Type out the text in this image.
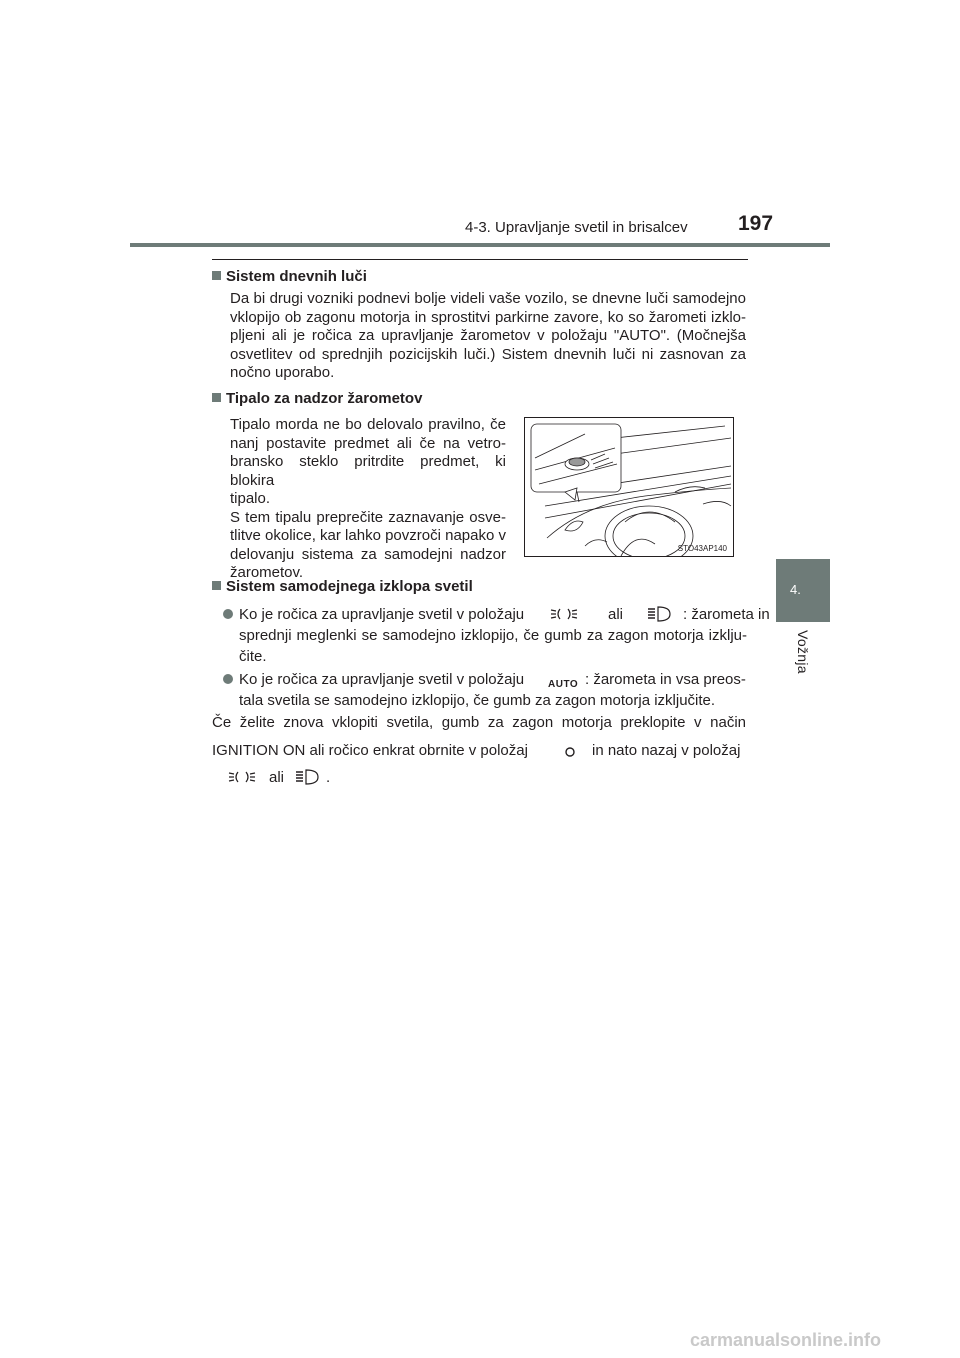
4-3. Upravljanje svetil in brisalcev 197
4.
Vožnja
Sistem dnevnih luči
Da bi drugi vozniki podnevi bolje videli vaše vozilo, se dnevne luči samodejno
vklopijo ob zagonu motorja in sprostitvi parkirne zavore, ko so žarometi izklo-
pljeni ali je ročica za upravljanje žarometov v položaju "AUTO". (Močnejša
osvetlitev od sprednjih pozicijskih luči.) Sistem dnevnih luči ni zasnovan za
nočno uporabo.
Tipalo za nadzor žarometov
Tipalo morda ne bo delovalo pravilno, če
nanj postavite predmet ali če na vetro-
bransko steklo pritrdite predmet, ki blokira
tipalo.
S tem tipalu preprečite zaznavanje osve-
tlitve okolice, kar lahko povzroči napako v
delovanju sistema za samodejni nadzor
žarometov.
STO43AP140
Sistem samodejnega izklopa svetil
Ko je ročica za upravljanje svetil v položaju	ali	: žarometa in
sprednji meglenki se samodejno izklopijo, če gumb za zagon motorja izklju-
čite.
Ko je ročica za upravljanje svetil v položaju AUTO : žarometa in vsa preos-
tala svetila se samodejno izklopijo, če gumb za zagon motorja izključite.
Če želite znova vklopiti svetila, gumb za zagon motorja preklopite v način
IGNITION ON ali ročico enkrat obrnite v položaj	in nato nazaj v položaj
ali	.
carmanualsonline.info
